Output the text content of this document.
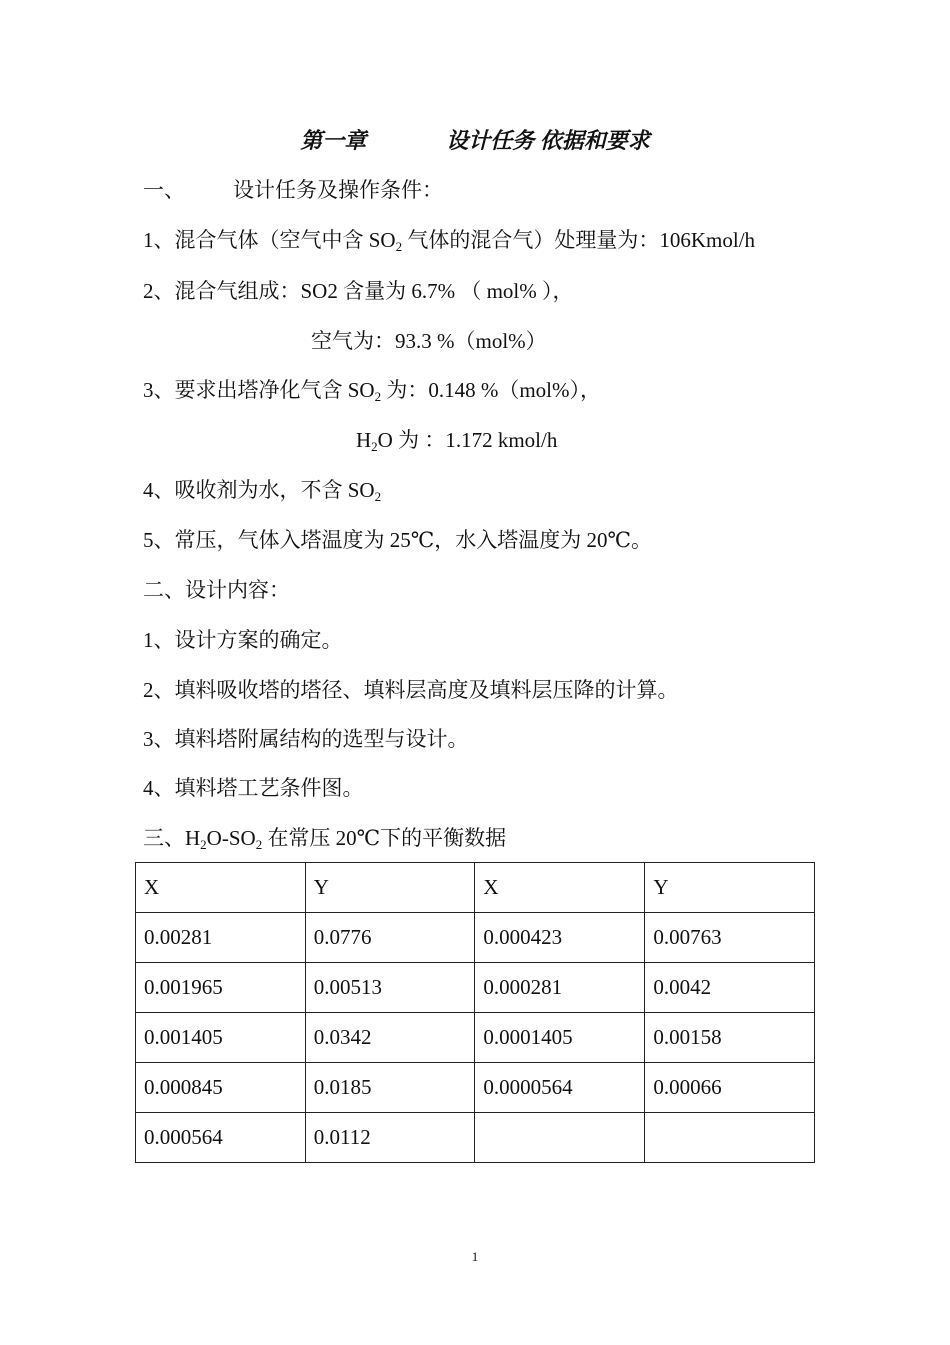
第一章	设计任务 依据和要求
一、 设计任务及操作条件：
1、混合气体（空气中含 $SO_2$ 气体的混合气）处理量为：106Kmol/h
2、混合气组成：SO2 含量为 6.7% （ mol% ），
空气为：93.3 %（mol%）
3、要求出塔净化气含 $SO_2$ 为：0.148 %（mol%），
$H_2O$ 为 ：1.172 kmol/h
4、吸收剂为水，不含 $SO_2$
5、常压，气体入塔温度为 25℃，水入塔温度为 20℃。
二、设计内容：
1、设计方案的确定。
2、填料吸收塔的塔径、填料层高度及填料层压降的计算。
3、填料塔附属结构的选型与设计。
4、填料塔工艺条件图。
三、$H_2O-SO_2$ 在常压 20℃下的平衡数据
X	Y	X	Y
0.00281	0.0776	0.000423	0.00763
0.001965	0.00513	0.000281	0.0042
0.001405	0.0342	0.0001405	0.00158
0.000845	0.0185	0.0000564	0.00066
0.000564	0.0112		
1
